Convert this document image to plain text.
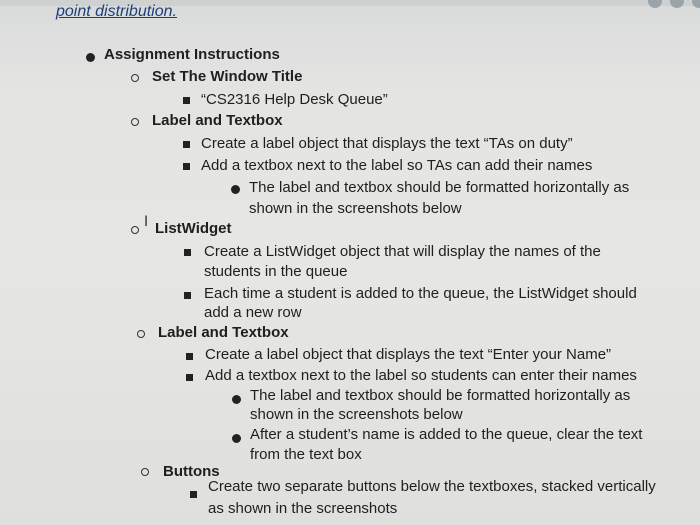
point distribution.
Assignment Instructions
Set The Window Title
“CS2316 Help Desk Queue”
Label and Textbox
Create a label object that displays the text “TAs on duty”
Add a textbox next to the label so TAs can add their names
The label and textbox should be formatted horizontally as
shown in the screenshots below
I ListWidget
Create a ListWidget object that will display the names of the
students in the queue
Each time a student is added to the queue, the ListWidget should
add a new row
Label and Textbox
Create a label object that displays the text “Enter your Name”
Add a textbox next to the label so students can enter their names
The label and textbox should be formatted horizontally as
shown in the screenshots below
After a student’s name is added to the queue, clear the text
from the text box
Buttons
Create two separate buttons below the textboxes, stacked vertically
as shown in the screenshots
